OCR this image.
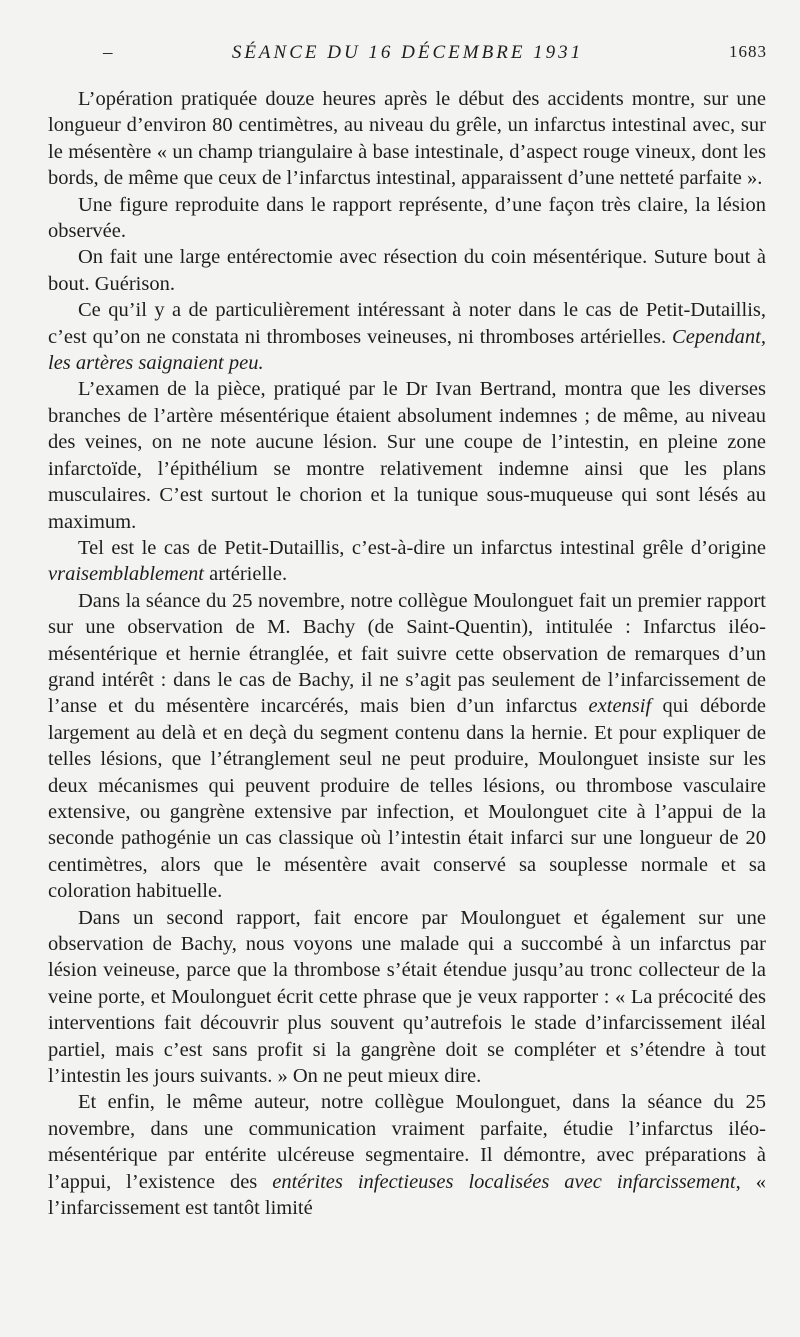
–	SÉANCE DU 16 DÉCEMBRE 1931	1683

L’opération pratiquée douze heures après le début des accidents montre, sur une longueur d’environ 80 centimètres, au niveau du grêle, un infarctus intestinal avec, sur le mésentère « un champ triangulaire à base intestinale, d’aspect rouge vineux, dont les bords, de même que ceux de l’infarctus intestinal, apparaissent d’une netteté parfaite ».

Une figure reproduite dans le rapport représente, d’une façon très claire, la lésion observée.

On fait une large entérectomie avec résection du coin mésentérique. Suture bout à bout. Guérison.

Ce qu’il y a de particulièrement intéressant à noter dans le cas de Petit-Dutaillis, c’est qu’on ne constata ni thromboses veineuses, ni thromboses artérielles. Cependant, les artères saignaient peu.

L’examen de la pièce, pratiqué par le Dr Ivan Bertrand, montra que les diverses branches de l’artère mésentérique étaient absolument indemnes ; de même, au niveau des veines, on ne note aucune lésion. Sur une coupe de l’intestin, en pleine zone infarctoïde, l’épithélium se montre relativement indemne ainsi que les plans musculaires. C’est surtout le chorion et la tunique sous-muqueuse qui sont lésés au maximum.

Tel est le cas de Petit-Dutaillis, c’est-à-dire un infarctus intestinal grêle d’origine vraisemblablement artérielle.

Dans la séance du 25 novembre, notre collègue Moulonguet fait un premier rapport sur une observation de M. Bachy (de Saint-Quentin), intitulée : Infarctus iléo-mésentérique et hernie étranglée, et fait suivre cette observation de remarques d’un grand intérêt : dans le cas de Bachy, il ne s’agit pas seulement de l’infarcissement de l’anse et du mésentère incarcérés, mais bien d’un infarctus extensif qui déborde largement au delà et en deçà du segment contenu dans la hernie. Et pour expliquer de telles lésions, que l’étranglement seul ne peut produire, Moulonguet insiste sur les deux mécanismes qui peuvent produire de telles lésions, ou thrombose vasculaire extensive, ou gangrène extensive par infection, et Moulonguet cite à l’appui de la seconde pathogénie un cas classique où l’intestin était infarci sur une longueur de 20 centimètres, alors que le mésentère avait conservé sa souplesse normale et sa coloration habituelle.

Dans un second rapport, fait encore par Moulonguet et également sur une observation de Bachy, nous voyons une malade qui a succombé à un infarctus par lésion veineuse, parce que la thrombose s’était étendue jusqu’au tronc collecteur de la veine porte, et Moulonguet écrit cette phrase que je veux rapporter : « La précocité des interventions fait découvrir plus souvent qu’autrefois le stade d’infarcissement iléal partiel, mais c’est sans profit si la gangrène doit se compléter et s’étendre à tout l’intestin les jours suivants. » On ne peut mieux dire.

Et enfin, le même auteur, notre collègue Moulonguet, dans la séance du 25 novembre, dans une communication vraiment parfaite, étudie l’infarctus iléo-mésentérique par entérite ulcéreuse segmentaire. Il démontre, avec préparations à l’appui, l’existence des entérites infectieuses localisées avec infarcissement, « l’infarcissement est tantôt limité
